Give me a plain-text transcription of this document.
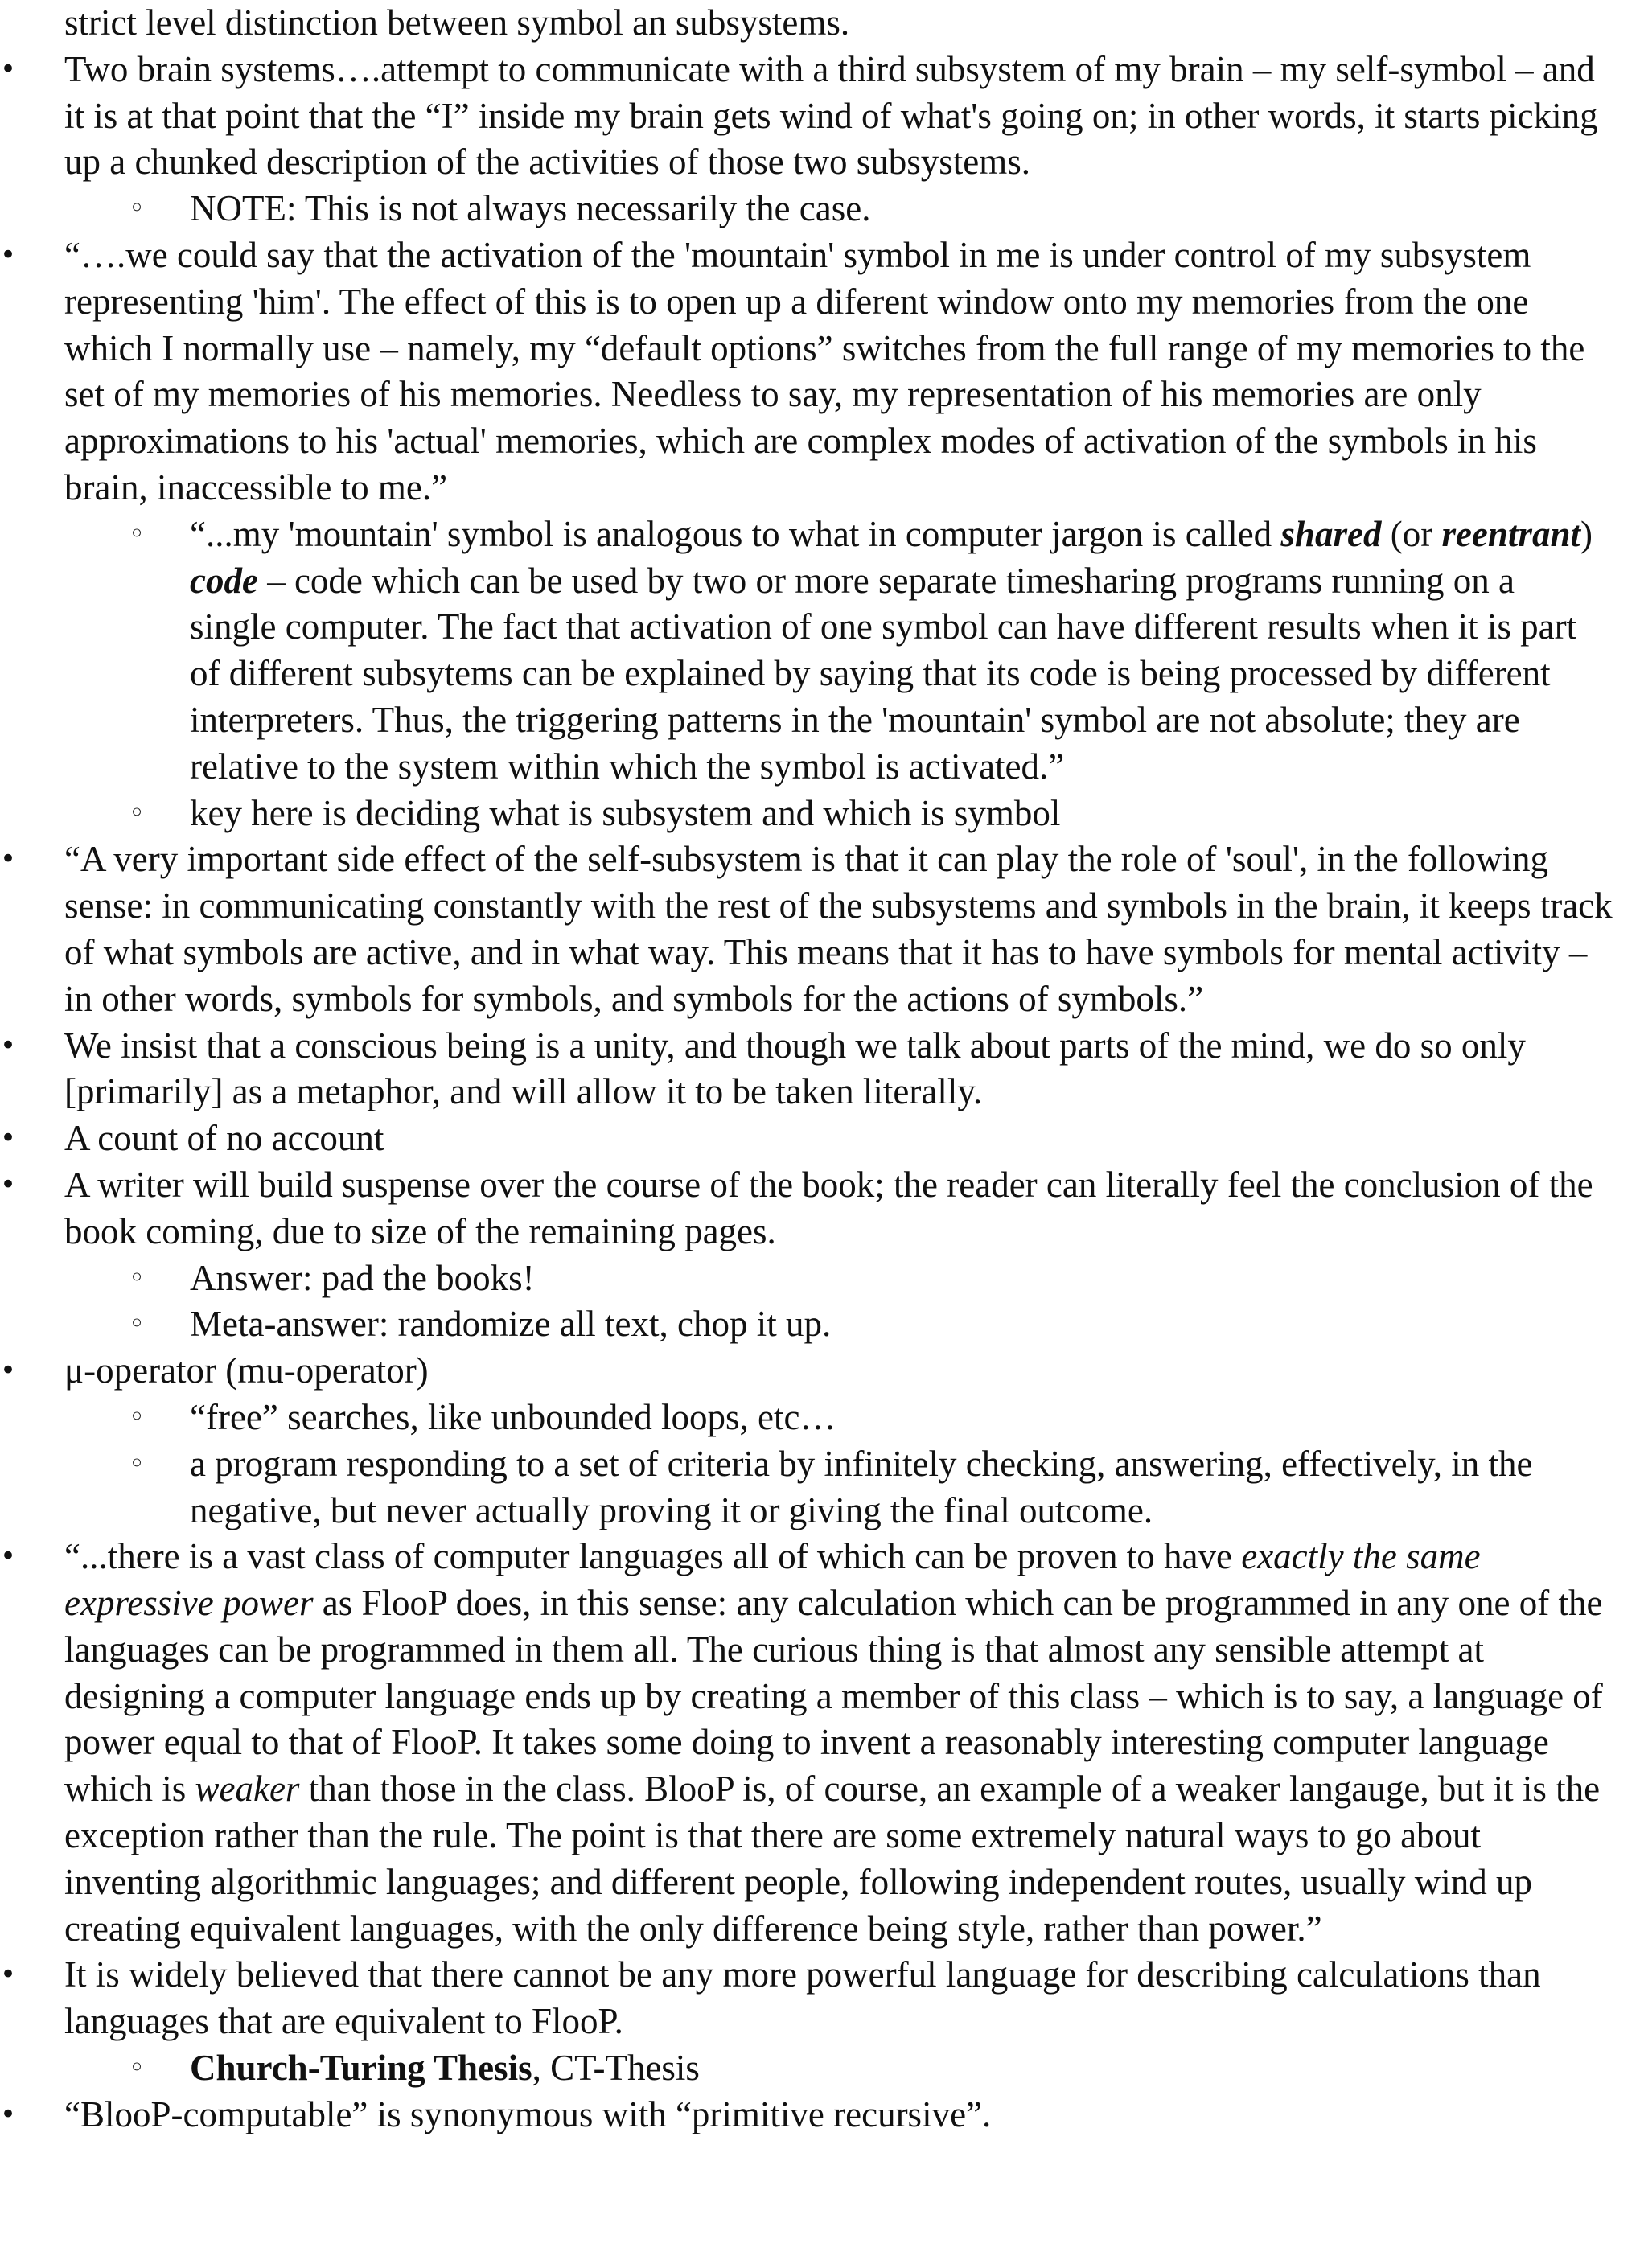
strict level distinction between symbol an subsystems.

• Two brain systems….attempt to communicate with a third subsystem of my brain – my self-symbol – and it is at that point that the “I” inside my brain gets wind of what's going on; in other words, it starts picking up a chunked description of the activities of those two subsystems.
◦ NOTE: This is not always necessarily the case.
• “….we could say that the activation of the 'mountain' symbol in me is under control of my subsystem representing 'him'. The effect of this is to open up a diferent window onto my memories from the one which I normally use – namely, my “default options” switches from the full range of my memories to the set of my memories of his memories. Needless to say, my representation of his memories are only approximations to his 'actual' memories, which are complex modes of activation of the symbols in his brain, inaccessible to me.”
◦ “...my 'mountain' symbol is analogous to what in computer jargon is called shared (or reentrant) code – code which can be used by two or more separate timesharing programs running on a single computer. The fact that activation of one symbol can have different results when it is part of different subsytems can be explained by saying that its code is being processed by different interpreters. Thus, the triggering patterns in the 'mountain' symbol are not absolute; they are relative to the system within which the symbol is activated.”
◦ key here is deciding what is subsystem and which is symbol
• “A very important side effect of the self-subsystem is that it can play the role of 'soul', in the following sense: in communicating constantly with the rest of the subsystems and symbols in the brain, it keeps track of what symbols are active, and in what way. This means that it has to have symbols for mental activity – in other words, symbols for symbols, and symbols for the actions of symbols.”
• We insist that a conscious being is a unity, and though we talk about parts of the mind, we do so only [primarily] as a metaphor, and will allow it to be taken literally.
• A count of no account
• A writer will build suspense over the course of the book; the reader can literally feel the conclusion of the book coming, due to size of the remaining pages.
◦ Answer: pad the books!
◦ Meta-answer: randomize all text, chop it up.
• μ-operator (mu-operator)
◦ “free” searches, like unbounded loops, etc…
◦ a program responding to a set of criteria by infinitely checking, answering, effectively, in the negative, but never actually proving it or giving the final outcome.
• “...there is a vast class of computer languages all of which can be proven to have exactly the same expressive power as FlooP does, in this sense: any calculation which can be programmed in any one of the languages can be programmed in them all. The curious thing is that almost any sensible attempt at designing a computer language ends up by creating a member of this class – which is to say, a language of power equal to that of FlooP. It takes some doing to invent a reasonably interesting computer language which is weaker than those in the class. BlooP is, of course, an example of a weaker langauge, but it is the exception rather than the rule. The point is that there are some extremely natural ways to go about inventing algorithmic languages; and different people, following independent routes, usually wind up creating equivalent languages, with the only difference being style, rather than power.”
• It is widely believed that there cannot be any more powerful language for describing calculations than languages that are equivalent to FlooP.
◦ Church-Turing Thesis, CT-Thesis
• “BlooP-computable” is synonymous with “primitive recursive”.
